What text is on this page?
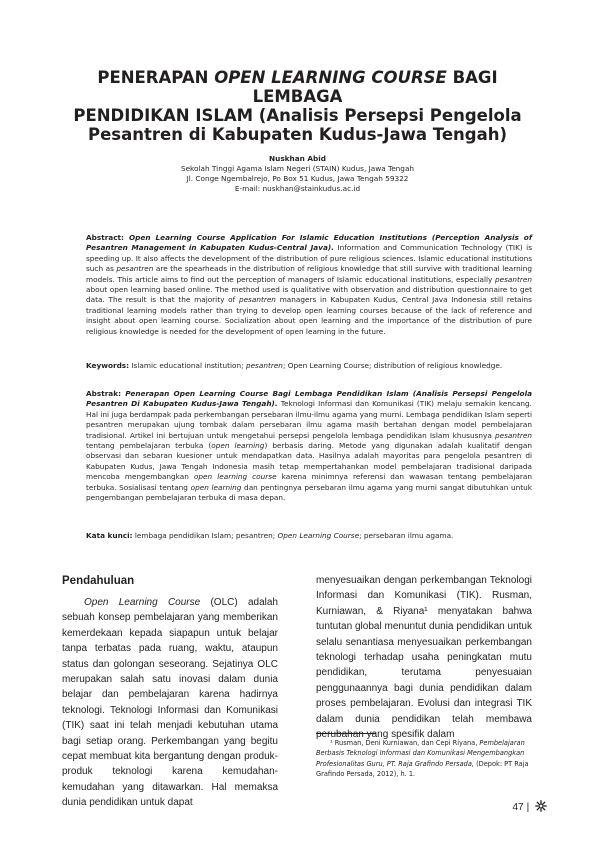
PENERAPAN OPEN LEARNING COURSE BAGI LEMBAGA
PENDIDIKAN ISLAM (Analisis Persepsi Pengelola
Pesantren di Kabupaten Kudus-Jawa Tengah)
Nuskhan Abid
Sekolah Tinggi Agama Islam Negeri (STAIN) Kudus, Jawa Tengah
Jl. Conge Ngembalrejo, Po Box 51 Kudus, Jawa Tengah 59322
E-mail: nuskhan@stainkudus.ac.id
Abstract: Open Learning Course Application For Islamic Education Institutions (Perception Analysis of Pesantren Management in Kabupaten Kudus-Central Java). Information and Communication Technology (TIK) is speeding up. It also affects the development of the distribution of pure religious sciences. Islamic educational institutions such as pesantren are the spearheads in the distribution of religious knowledge that still survive with traditional learning models. This article aims to find out the perception of managers of Islamic educational institutions, especially pesantren about open learning based online. The method used is qualitative with observation and distribution questionnaire to get data. The result is that the majority of pesantren managers in Kabupaten Kudus, Central Java Indonesia still retains traditional learning models rather than trying to develop open learning courses because of the lack of reference and insight about open learning course. Socialization about open learning and the importance of the distribution of pure religious knowledge is needed for the development of open learning in the future.
Keywords: Islamic educational institution; pesantren; Open Learning Course; distribution of religious knowledge.
Abstrak: Penerapan Open Learning Course Bagi Lembaga Pendidikan Islam (Analisis Persepsi Pengelola Pesantren Di Kabupaten Kudus-Jawa Tengah). Teknologi Informasi dan Komunikasi (TIK) melaju semakin kencang. Hal ini juga berdampak pada perkembangan persebaran ilmu-ilmu agama yang murni. Lembaga pendidikan Islam seperti pesantren merupakan ujung tombak dalam persebaran ilmu agama masih bertahan dengan model pembelajaran tradisional. Artikel ini bertujuan untuk mengetahui persepsi pengelola lembaga pendidikan Islam khususnya pesantren tentang pembelajaran terbuka (open learning) berbasis daring. Metode yang digunakan adalah kualitatif dengan observasi dan sebaran kuesioner untuk mendapatkan data. Hasilnya adalah mayoritas para pengelola pesantren di Kabupaten Kudus, Jawa Tengah Indonesia masih tetap mempertahankan model pembelajaran tradisional daripada mencoba mengembangkan open learning course karena minimnya referensi dan wawasan tentang pembelajaran terbuka. Sosialisasi tentang open learning dan pentingnya persebaran ilmu agama yang murni sangat dibutuhkan untuk pengembangan pembelajaran terbuka di masa depan.
Kata kunci: lembaga pendidikan Islam; pesantren; Open Learning Course; persebaran ilmu agama.
Pendahuluan
Open Learning Course (OLC) adalah sebuah konsep pembelajaran yang memberikan kemerdekaan kepada siapapun untuk belajar tanpa terbatas pada ruang, waktu, ataupun status dan golongan seseorang. Sejatinya OLC merupakan salah satu inovasi dalam dunia belajar dan pembelajaran karena hadirnya teknologi. Teknologi Informasi dan Komunikasi (TIK) saat ini telah menjadi kebutuhan utama bagi setiap orang. Perkembangan yang begitu cepat membuat kita bergantung dengan produk-produk teknologi karena kemudahan-kemudahan yang ditawarkan. Hal memaksa dunia pendidikan untuk dapat
menyesuaikan dengan perkembangan Teknologi Informasi dan Komunikasi (TIK). Rusman, Kurniawan, & Riyana¹ menyatakan bahwa tuntutan global menuntut dunia pendidikan untuk selalu senantiasa menyesuaikan perkembangan teknologi terhadap usaha peningkatan mutu pendidikan, terutama penyesuaian penggunaannya bagi dunia pendidikan dalam proses pembelajaran. Evolusi dan integrasi TIK dalam dunia pendidikan telah membawa perubahan yang spesifik dalam
¹ Rusman, Deni Kurniawan, dan Cepi Riyana, Pembelajaran Berbasis Teknologi Informasi dan Komunikasi Mengembangkan Profesionalitas Guru, PT. Raja Grafindo Persada, (Depok: PT Raja Grafindo Persada, 2012), h. 1.
47 |
